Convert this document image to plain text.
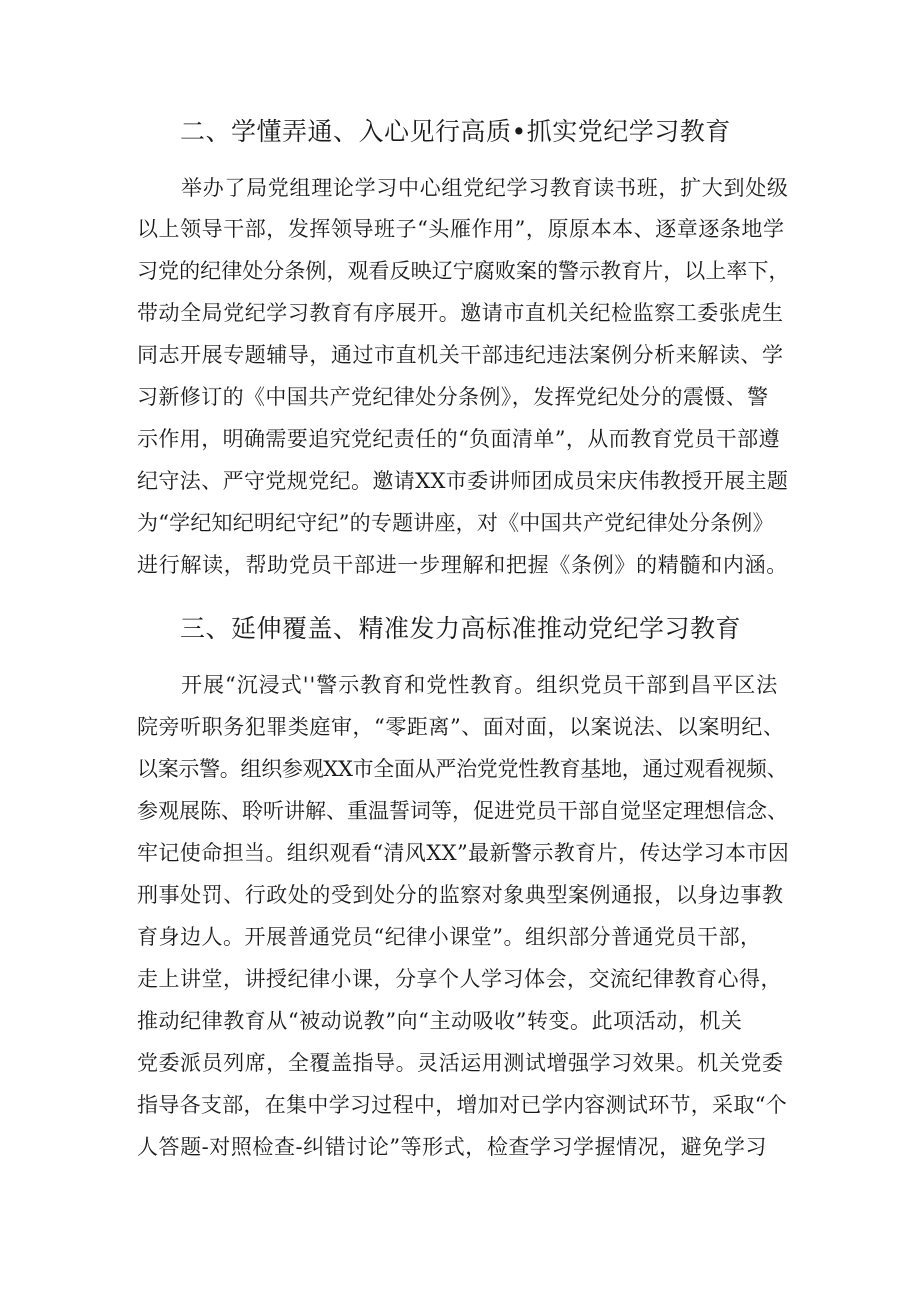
二、学懂弄通、入心见行高质•抓实党纪学习教育
举办了局党组理论学习中心组党纪学习教育读书班，扩大到处级
以上领导干部，发挥领导班子“头雁作用”，原原本本、逐章逐条地学
习党的纪律处分条例，观看反映辽宁腐败案的警示教育片，以上率下，
带动全局党纪学习教育有序展开。邀请市直机关纪检监察工委张虎生
同志开展专题辅导，通过市直机关干部违纪违法案例分析来解读、学
习新修订的《中国共产党纪律处分条例》，发挥党纪处分的震慑、警
示作用，明确需要追究党纪责任的“负面清单”，从而教育党员干部遵
纪守法、严守党规党纪。邀请XX市委讲师团成员宋庆伟教授开展主题
为“学纪知纪明纪守纪”的专题讲座，对《中国共产党纪律处分条例》
进行解读，帮助党员干部进一步理解和把握《条例》的精髓和内涵。
三、延伸覆盖、精准发力高标准推动党纪学习教育
开展“沉浸式''警示教育和党性教育。组织党员干部到昌平区法
院旁听职务犯罪类庭审，“零距离”、面对面，以案说法、以案明纪、
以案示警。组织参观XX市全面从严治党党性教育基地，通过观看视频、
参观展陈、聆听讲解、重温誓词等，促进党员干部自觉坚定理想信念、
牢记使命担当。组织观看“清风XX”最新警示教育片，传达学习本市因
刑事处罚、行政处的受到处分的监察对象典型案例通报，以身边事教
育身边人。开展普通党员“纪律小课堂”。组织部分普通党员干部，
走上讲堂，讲授纪律小课，分享个人学习体会，交流纪律教育心得，
推动纪律教育从“被动说教”向“主动吸收”转变。此项活动，机关
党委派员列席，全覆盖指导。灵活运用测试增强学习效果。机关党委
指导各支部，在集中学习过程中，增加对已学内容测试环节，采取“个
人答题-对照检查-纠错讨论”等形式，检查学习学握情况，避免学习
